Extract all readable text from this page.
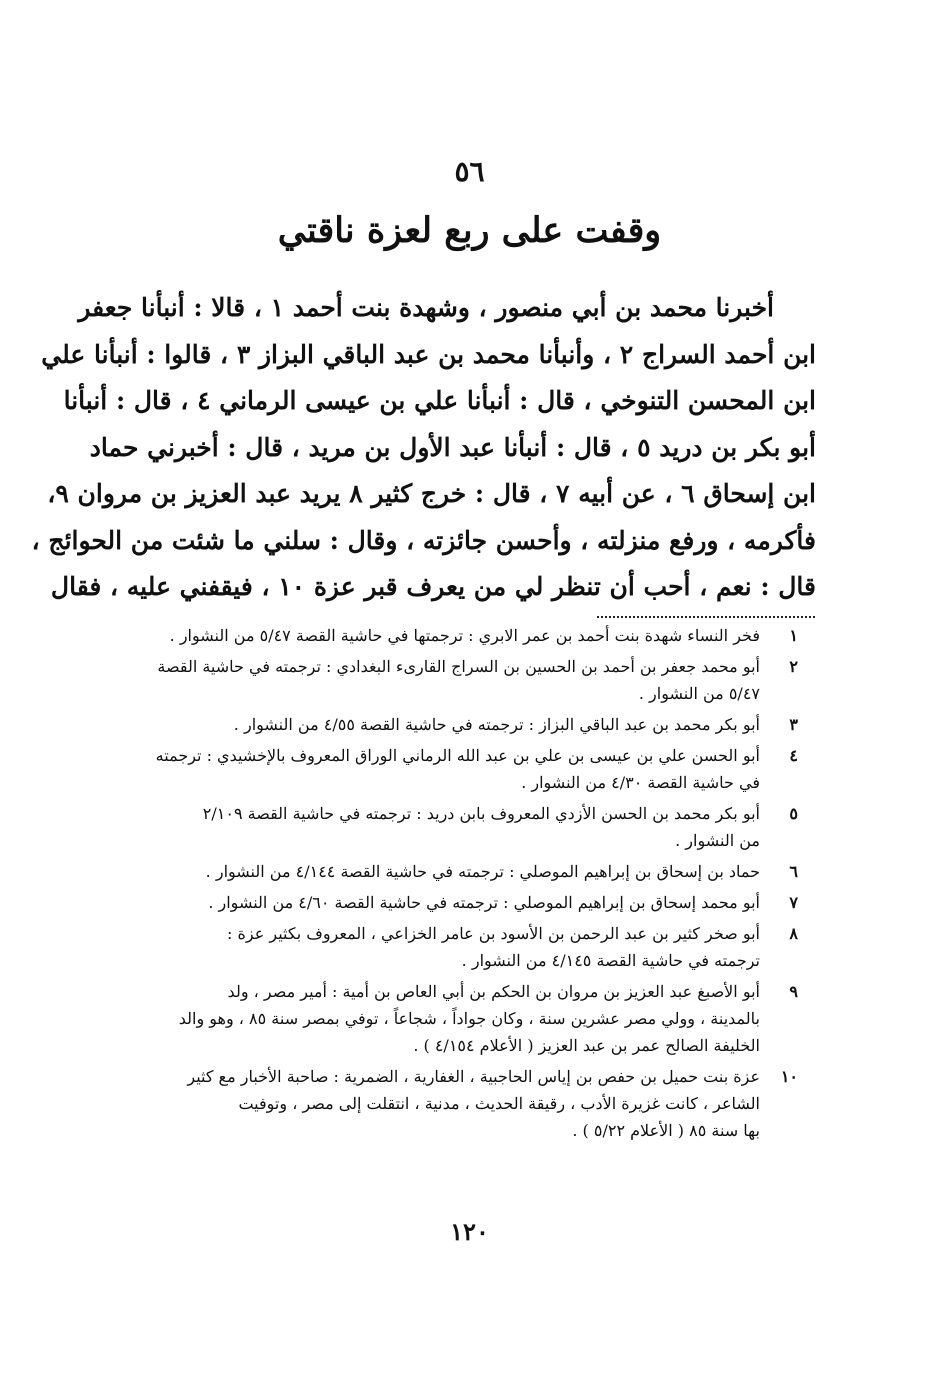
٥٦
وقفت على ربع لعزة ناقتي
أخبرنا محمد بن أبي منصور ، وشهدة بنت أحمد ١ ، قالا : أنبأنا جعفر
ابن أحمد السراج ٢ ، وأنبأنا محمد بن عبد الباقي البزاز ٣ ، قالوا : أنبأنا علي
ابن المحسن التنوخي ، قال : أنبأنا علي بن عيسى الرماني ٤ ، قال : أنبأنا
أبو بكر بن دريد ٥ ، قال : أنبأنا عبد الأول بن مريد ، قال : أخبرني حماد
ابن إسحاق ٦ ، عن أبيه ٧ ، قال : خرج كثير ٨ يريد عبد العزيز بن مروان ٩،
فأكرمه ، ورفع منزلته ، وأحسن جائزته ، وقال : سلني ما شئت من الحوائج ،
قال : نعم ، أحب أن تنظر لي من يعرف قبر عزة ١٠ ، فيقفني عليه ، فقال
١
فخر النساء شهدة بنت أحمد بن عمر الابري : ترجمتها في حاشية القصة ٥/٤٧ من النشوار .
٢
أبو محمد جعفر بن أحمد بن الحسين بن السراج القارىء البغدادي : ترجمته في حاشية القصة
٥/٤٧ من النشوار .
٣
أبو بكر محمد بن عبد الباقي البزاز : ترجمته في حاشية القصة ٤/٥٥ من النشوار .
٤
أبو الحسن علي بن عيسى بن علي بن عبد الله الرماني الوراق المعروف بالإخشيدي : ترجمته
في حاشية القصة ٤/٣٠ من النشوار .
٥
أبو بكر محمد بن الحسن الأزدي المعروف بابن دريد : ترجمته في حاشية القصة ٢/١٠٩
من النشوار .
٦
حماد بن إسحاق بن إبراهيم الموصلي : ترجمته في حاشية القصة ٤/١٤٤ من النشوار .
٧
أبو محمد إسحاق بن إبراهيم الموصلي : ترجمته في حاشية القصة ٤/٦٠ من النشوار .
٨
أبو صخر كثير بن عبد الرحمن بن الأسود بن عامر الخزاعي ، المعروف بكثير عزة :
ترجمته في حاشية القصة ٤/١٤٥ من النشوار .
٩
أبو الأصبغ عبد العزيز بن مروان بن الحكم بن أبي العاص بن أمية : أمير مصر ، ولد
بالمدينة ، وولي مصر عشرين سنة ، وكان جواداً ، شجاعاً ، توفي بمصر سنة ٨٥ ، وهو والد
الخليفة الصالح عمر بن عبد العزيز ( الأعلام ٤/١٥٤ ) .
١٠
عزة بنت حميل بن حفص بن إياس الحاجبية ، الغفارية ، الضمرية : صاحبة الأخبار مع كثير
الشاعر ، كانت غزيرة الأدب ، رقيقة الحديث ، مدنية ، انتقلت إلى مصر ، وتوفيت
بها سنة ٨٥ ( الأعلام ٥/٢٢ ) .
١٢٠
